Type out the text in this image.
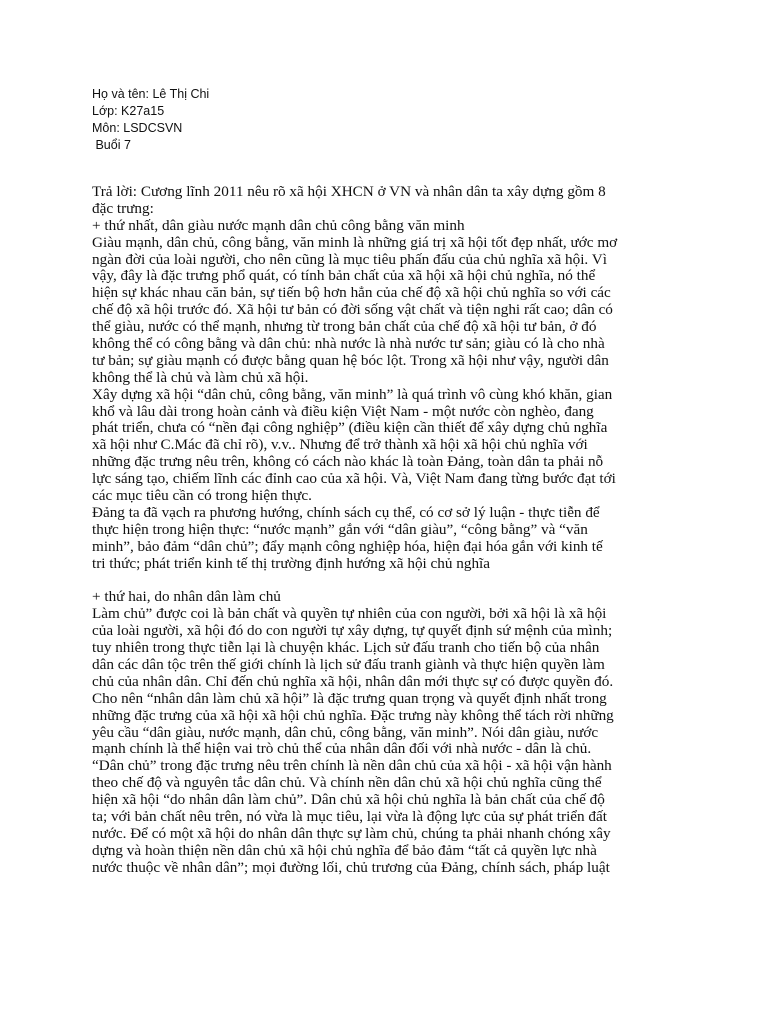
Họ và tên: Lê Thị Chi
Lớp: K27a15
Môn: LSDCSVN
Buổi 7
Trả lời: Cương lĩnh 2011 nêu rõ xã hội XHCN ở VN và nhân dân ta xây dựng gồm 8
đặc trưng:
+ thứ nhất, dân giàu nước mạnh dân chủ công bằng văn minh
Giàu mạnh, dân chủ, công bằng, văn minh là những giá trị xã hội tốt đẹp nhất, ước mơ
ngàn đời của loài người, cho nên cũng là mục tiêu phấn đấu của chủ nghĩa xã hội. Vì
vậy, đây là đặc trưng phổ quát, có tính bản chất của xã hội xã hội chủ nghĩa, nó thể
hiện sự khác nhau căn bản, sự tiến bộ hơn hẳn của chế độ xã hội chủ nghĩa so với các
chế độ xã hội trước đó. Xã hội tư bản có đời sống vật chất và tiện nghi rất cao; dân có
thể giàu, nước có thể mạnh, nhưng từ trong bản chất của chế độ xã hội tư bản, ở đó
không thể có công bằng và dân chủ: nhà nước là nhà nước tư sản; giàu có là cho nhà
tư bản; sự giàu mạnh có được bằng quan hệ bóc lột. Trong xã hội như vậy, người dân
không thể là chủ và làm chủ xã hội.
Xây dựng xã hội “dân chủ, công bằng, văn minh” là quá trình vô cùng khó khăn, gian
khổ và lâu dài trong hoàn cảnh và điều kiện Việt Nam - một nước còn nghèo, đang
phát triển, chưa có “nền đại công nghiệp” (điều kiện cần thiết để xây dựng chủ nghĩa
xã hội như C.Mác đã chỉ rõ), v.v.. Nhưng để trở thành xã hội xã hội chủ nghĩa với
những đặc trưng nêu trên, không có cách nào khác là toàn Đảng, toàn dân ta phải nỗ
lực sáng tạo, chiếm lĩnh các đỉnh cao của xã hội. Và, Việt Nam đang từng bước đạt tới
các mục tiêu cần có trong hiện thực.
Đảng ta đã vạch ra phương hướng, chính sách cụ thể, có cơ sở lý luận - thực tiễn để
thực hiện trong hiện thực: “nước mạnh” gắn với “dân giàu”, “công bằng” và “văn
minh”, bảo đảm “dân chủ”; đẩy mạnh công nghiệp hóa, hiện đại hóa gắn với kinh tế
tri thức; phát triển kinh tế thị trường định hướng xã hội chủ nghĩa
+ thứ hai, do nhân dân làm chủ
Làm chủ” được coi là bản chất và quyền tự nhiên của con người, bởi xã hội là xã hội
của loài người, xã hội đó do con người tự xây dựng, tự quyết định sứ mệnh của mình;
tuy nhiên trong thực tiễn lại là chuyện khác. Lịch sử đấu tranh cho tiến bộ của nhân
dân các dân tộc trên thế giới chính là lịch sử đấu tranh giành và thực hiện quyền làm
chủ của nhân dân. Chỉ đến chủ nghĩa xã hội, nhân dân mới thực sự có được quyền đó.
Cho nên “nhân dân làm chủ xã hội” là đặc trưng quan trọng và quyết định nhất trong
những đặc trưng của xã hội xã hội chủ nghĩa. Đặc trưng này không thể tách rời những
yêu cầu “dân giàu, nước mạnh, dân chủ, công bằng, văn minh”. Nói dân giàu, nước
mạnh chính là thể hiện vai trò chủ thể của nhân dân đối với nhà nước - dân là chủ.
“Dân chủ” trong đặc trưng nêu trên chính là nền dân chủ của xã hội - xã hội vận hành
theo chế độ và nguyên tắc dân chủ. Và chính nền dân chủ xã hội chủ nghĩa cũng thể
hiện xã hội “do nhân dân làm chủ”. Dân chủ xã hội chủ nghĩa là bản chất của chế độ
ta; với bản chất nêu trên, nó vừa là mục tiêu, lại vừa là động lực của sự phát triển đất
nước. Để có một xã hội do nhân dân thực sự làm chủ, chúng ta phải nhanh chóng xây
dựng và hoàn thiện nền dân chủ xã hội chủ nghĩa để bảo đảm “tất cả quyền lực nhà
nước thuộc về nhân dân”; mọi đường lối, chủ trương của Đảng, chính sách, pháp luật
